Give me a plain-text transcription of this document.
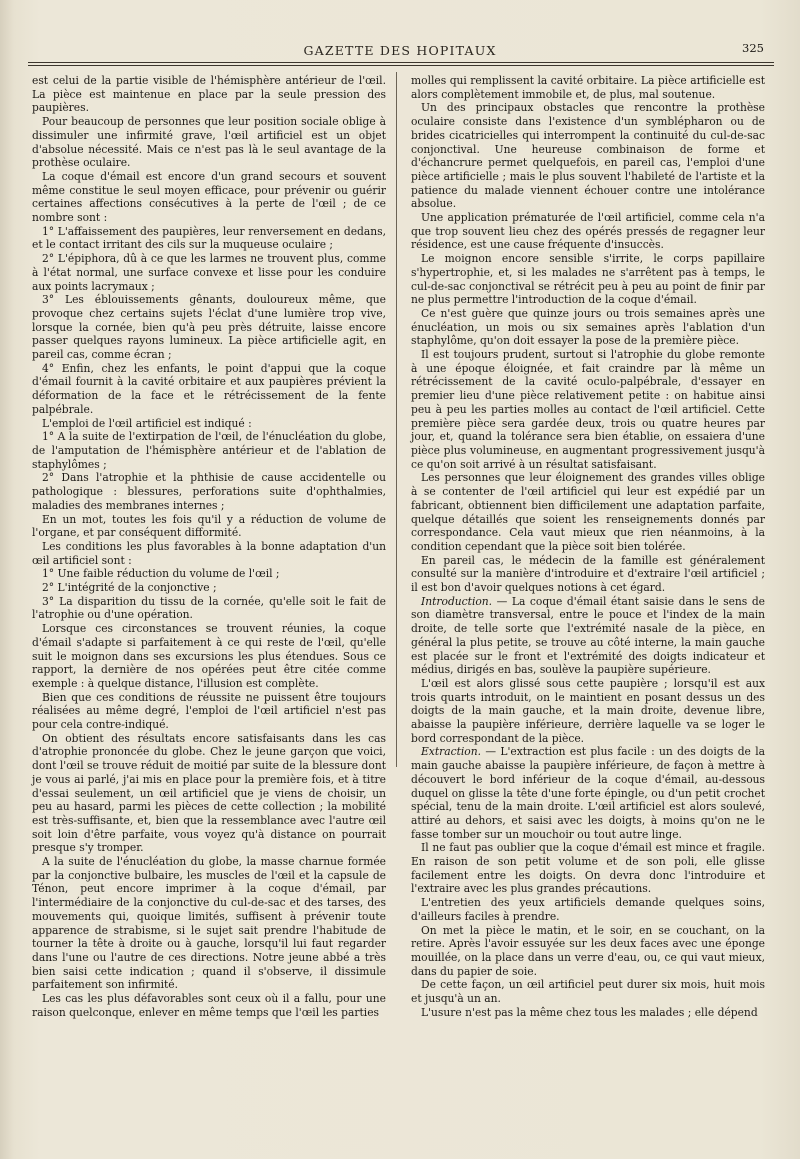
GAZETTE DES HOPITAUX	325

est celui de la partie visible de l'hémisphère antérieur de l'œil. La pièce est maintenue en place par la seule pression des paupières.

Pour beaucoup de personnes que leur position sociale oblige à dissimuler une infirmité grave, l'œil artificiel est un objet d'absolue nécessité. Mais ce n'est pas là le seul avantage de la prothèse oculaire.

La coque d'émail est encore d'un grand secours et souvent même constitue le seul moyen efficace, pour prévenir ou guérir certaines affections consécutives à la perte de l'œil ; de ce nombre sont :

1° L'affaissement des paupières, leur renversement en dedans, et le contact irritant des cils sur la muqueuse oculaire ;

2° L'épiphora, dû à ce que les larmes ne trouvent plus, comme à l'état normal, une surface convexe et lisse pour les conduire aux points lacrymaux ;

3° Les éblouissements gênants, douloureux même, que provoque chez certains sujets l'éclat d'une lumière trop vive, lorsque la cornée, bien qu'à peu près détruite, laisse encore passer quelques rayons lumineux. La pièce artificielle agit, en pareil cas, comme écran ;

4° Enfin, chez les enfants, le point d'appui que la coque d'émail fournit à la cavité orbitaire et aux paupières prévient la déformation de la face et le rétrécissement de la fente palpébrale.

L'emploi de l'œil artificiel est indiqué :

1° A la suite de l'extirpation de l'œil, de l'énucléation du globe, de l'amputation de l'hémisphère antérieur et de l'ablation de staphylômes ;

2° Dans l'atrophie et la phthisie de cause accidentelle ou pathologique : blessures, perforations suite d'ophthalmies, maladies des membranes internes ;

En un mot, toutes les fois qu'il y a réduction de volume de l'organe, et par conséquent difformité.

Les conditions les plus favorables à la bonne adaptation d'un œil artificiel sont :

1° Une faible réduction du volume de l'œil ;

2° L'intégrité de la conjonctive ;

3° La disparition du tissu de la cornée, qu'elle soit le fait de l'atrophie ou d'une opération.

Lorsque ces circonstances se trouvent réunies, la coque d'émail s'adapte si parfaitement à ce qui reste de l'œil, qu'elle suit le moignon dans ses excursions les plus étendues. Sous ce rapport, la dernière de nos opérées peut être citée comme exemple : à quelque distance, l'illusion est complète.

Bien que ces conditions de réussite ne puissent être toujours réalisées au même degré, l'emploi de l'œil artificiel n'est pas pour cela contre-indiqué.

On obtient des résultats encore satisfaisants dans les cas d'atrophie prononcée du globe. Chez le jeune garçon que voici, dont l'œil se trouve réduit de moitié par suite de la blessure dont je vous ai parlé, j'ai mis en place pour la première fois, et à titre d'essai seulement, un œil artificiel que je viens de choisir, un peu au hasard, parmi les pièces de cette collection ; la mobilité est très-suffisante, et, bien que la ressemblance avec l'autre œil soit loin d'être parfaite, vous voyez qu'à distance on pourrait presque s'y tromper.

A la suite de l'énucléation du globe, la masse charnue formée par la conjonctive bulbaire, les muscles de l'œil et la capsule de Ténon, peut encore imprimer à la coque d'émail, par l'intermédiaire de la conjonctive du cul-de-sac et des tarses, des mouvements qui, quoique limités, suffisent à prévenir toute apparence de strabisme, si le sujet sait prendre l'habitude de tourner la tête à droite ou à gauche, lorsqu'il lui faut regarder dans l'une ou l'autre de ces directions. Notre jeune abbé a très bien saisi cette indication ; quand il s'observe, il dissimule parfaitement son infirmité.

Les cas les plus défavorables sont ceux où il a fallu, pour une raison quelconque, enlever en même temps que l'œil les parties

molles qui remplissent la cavité orbitaire. La pièce artificielle est alors complètement immobile et, de plus, mal soutenue.

Un des principaux obstacles que rencontre la prothèse oculaire consiste dans l'existence d'un symblépharon ou de brides cicatricielles qui interrompent la continuité du cul-de-sac conjonctival. Une heureuse combinaison de forme et d'échancrure permet quelquefois, en pareil cas, l'emploi d'une pièce artificielle ; mais le plus souvent l'habileté de l'artiste et la patience du malade viennent échouer contre une intolérance absolue.

Une application prématurée de l'œil artificiel, comme cela n'a que trop souvent lieu chez des opérés pressés de regagner leur résidence, est une cause fréquente d'insuccès.

Le moignon encore sensible s'irrite, le corps papillaire s'hypertrophie, et, si les malades ne s'arrêtent pas à temps, le cul-de-sac conjonctival se rétrécit peu à peu au point de finir par ne plus permettre l'introduction de la coque d'émail.

Ce n'est guère que quinze jours ou trois semaines après une énucléation, un mois ou six semaines après l'ablation d'un staphylôme, qu'on doit essayer la pose de la première pièce.

Il est toujours prudent, surtout si l'atrophie du globe remonte à une époque éloignée, et fait craindre par là même un rétrécissement de la cavité oculo-palpébrale, d'essayer en premier lieu d'une pièce relativement petite : on habitue ainsi peu à peu les parties molles au contact de l'œil artificiel. Cette première pièce sera gardée deux, trois ou quatre heures par jour, et, quand la tolérance sera bien établie, on essaiera d'une pièce plus volumineuse, en augmentant progressivement jusqu'à ce qu'on soit arrivé à un résultat satisfaisant.

Les personnes que leur éloignement des grandes villes oblige à se contenter de l'œil artificiel qui leur est expédié par un fabricant, obtiennent bien difficilement une adaptation parfaite, quelque détaillés que soient les renseignements donnés par correspondance. Cela vaut mieux que rien néanmoins, à la condition cependant que la pièce soit bien tolérée.

En pareil cas, le médecin de la famille est généralement consulté sur la manière d'introduire et d'extraire l'œil artificiel ; il est bon d'avoir quelques notions à cet égard.

Introduction. — La coque d'émail étant saisie dans le sens de son diamètre transversal, entre le pouce et l'index de la main droite, de telle sorte que l'extrémité nasale de la pièce, en général la plus petite, se trouve au côté interne, la main gauche est placée sur le front et l'extrémité des doigts indicateur et médius, dirigés en bas, soulève la paupière supérieure.

L'œil est alors glissé sous cette paupière ; lorsqu'il est aux trois quarts introduit, on le maintient en posant dessus un des doigts de la main gauche, et la main droite, devenue libre, abaisse la paupière inférieure, derrière laquelle va se loger le bord correspondant de la pièce.

Extraction. — L'extraction est plus facile : un des doigts de la main gauche abaisse la paupière inférieure, de façon à mettre à découvert le bord inférieur de la coque d'émail, au-dessous duquel on glisse la tête d'une forte épingle, ou d'un petit crochet spécial, tenu de la main droite. L'œil artificiel est alors soulevé, attiré au dehors, et saisi avec les doigts, à moins qu'on ne le fasse tomber sur un mouchoir ou tout autre linge.

Il ne faut pas oublier que la coque d'émail est mince et fragile. En raison de son petit volume et de son poli, elle glisse facilement entre les doigts. On devra donc l'introduire et l'extraire avec les plus grandes précautions.

L'entretien des yeux artificiels demande quelques soins, d'ailleurs faciles à prendre.

On met la pièce le matin, et le soir, en se couchant, on la retire. Après l'avoir essuyée sur les deux faces avec une éponge mouillée, on la place dans un verre d'eau, ou, ce qui vaut mieux, dans du papier de soie.

De cette façon, un œil artificiel peut durer six mois, huit mois et jusqu'à un an.

L'usure n'est pas la même chez tous les malades ; elle dépend
